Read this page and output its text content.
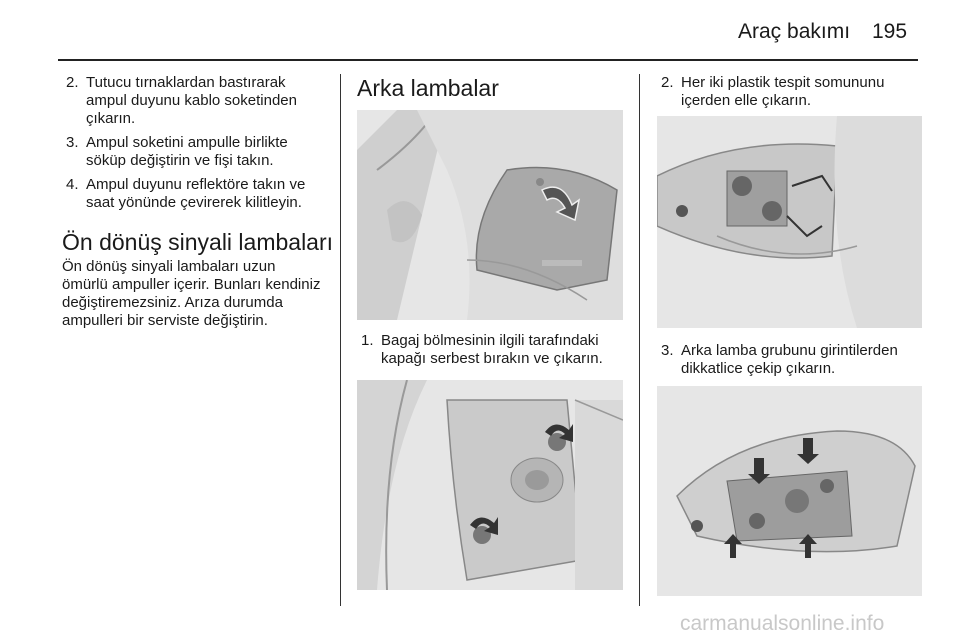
Araç bakımı 195
2. Tutucu tırnaklardan bastırarak ampul duyunu kablo soketinden çıkarın.
3. Ampul soketini ampulle birlikte söküp değiştirin ve fişi takın.
4. Ampul duyunu reflektöre takın ve saat yönünde çevirerek kilitleyin.
Ön dönüş sinyali lambaları

Ön dönüş sinyali lambaları uzun ömürlü ampuller içerir. Bunları kendiniz değiştiremezsiniz. Arıza durumda ampulleri bir serviste değiştirin.

Arka lambalar
1. Bagaj bölmesinin ilgili tarafındaki kapağı serbest bırakın ve çıkarın.
2. Her iki plastik tespit somununu içerden elle çıkarın.
3. Arka lamba grubunu girintilerden dikkatlice çekip çıkarın.
carmanualsonline.info
